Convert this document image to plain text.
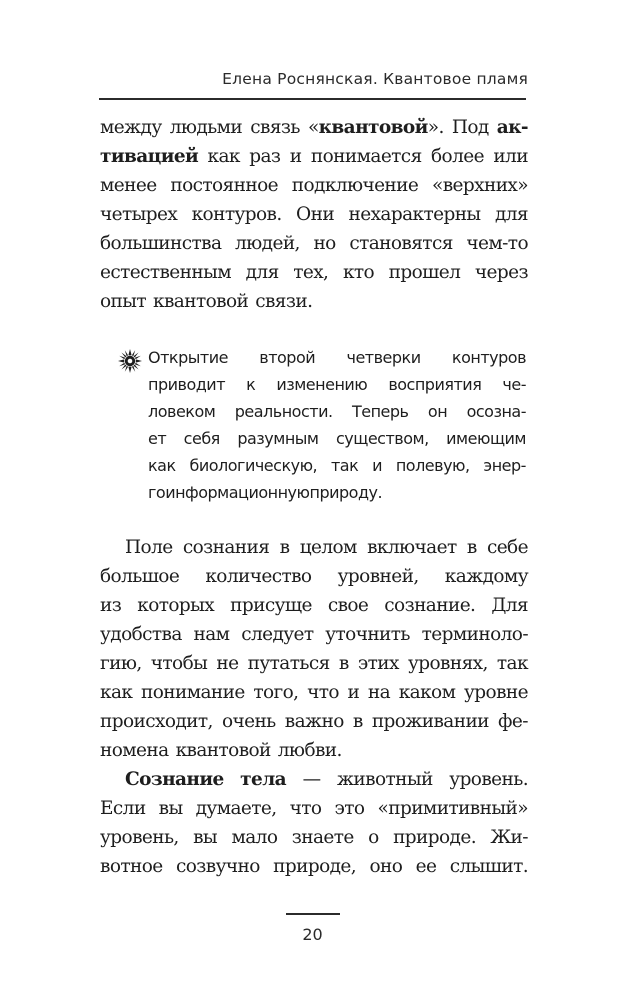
Елена Роснянская. Квантовое пламя
между людьми связь «квантовой». Под ак-
тивацией как раз и понимается более или
менее постоянное подключение «верхних»
четырех контуров. Они нехарактерны для
большинства людей, но становятся чем-то
естественным для тех, кто прошел через
опыт квантовой связи.
Открытие второй четверки контуров
приводит к изменению восприятия че-
ловеком реальности. Теперь он осозна-
ет себя разумным существом, имеющим
как биологическую, так и полевую, энер-
гоинформационную природу.
Поле сознания в целом включает в себе
большое количество уровней, каждому
из которых присуще свое сознание. Для
удобства нам следует уточнить терминоло-
гию, чтобы не путаться в этих уровнях, так
как понимание того, что и на каком уровне
происходит, очень важно в проживании фе-
номена квантовой любви.
Сознание тела — животный уровень.
Если вы думаете, что это «примитивный»
уровень, вы мало знаете о природе. Жи-
вотное созвучно природе, оно ее слышит.
20
